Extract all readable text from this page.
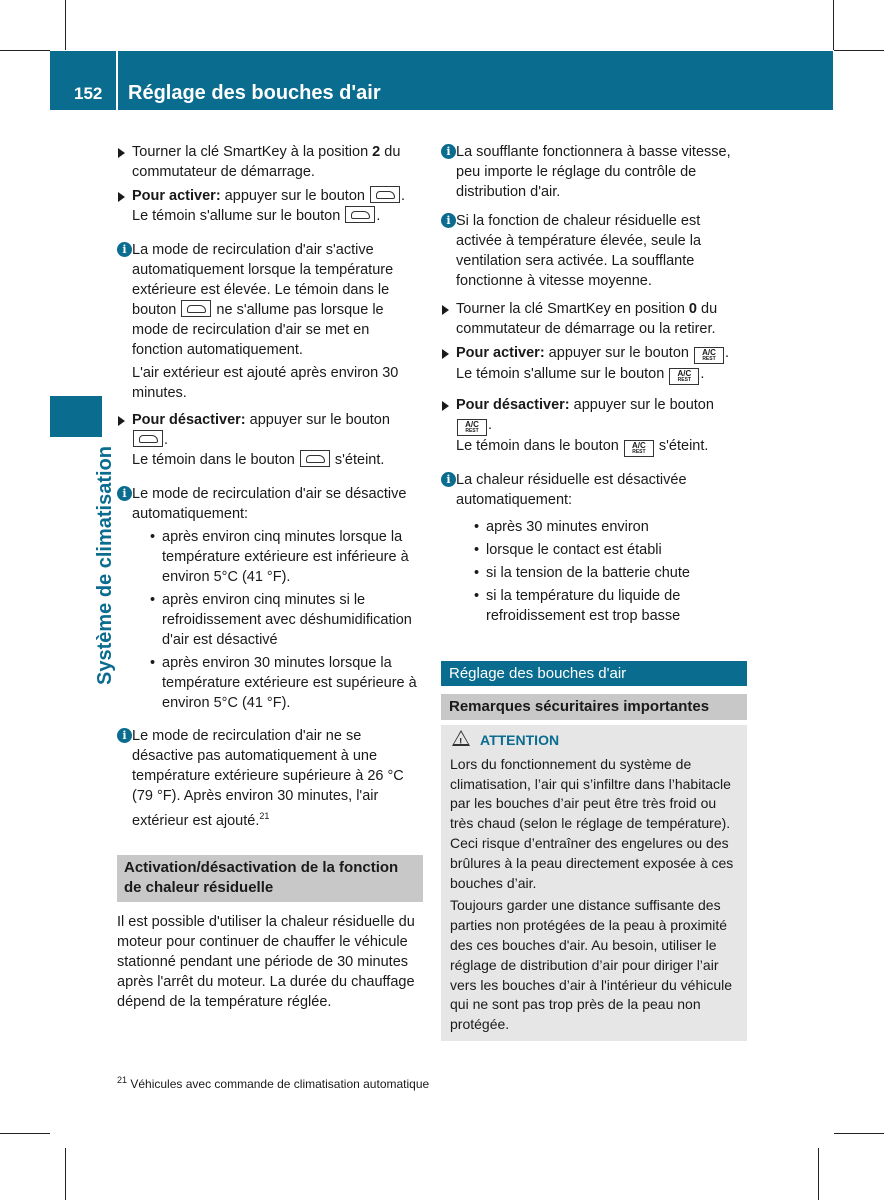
152 Réglage des bouches d'air
Système de climatisation
Tourner la clé SmartKey à la position 2 du commutateur de démarrage.
Pour activer: appuyer sur le bouton .
Le témoin s'allume sur le bouton .
i La mode de recirculation d'air s'active automatiquement lorsque la température extérieure est élevée. Le témoin dans le bouton  ne s'allume pas lorsque le mode de recirculation d'air se met en fonction automatiquement.

L'air extérieur est ajouté après environ 30 minutes.

Pour désactiver: appuyer sur le bouton
.
Le témoin dans le bouton  s'éteint.
i Le mode de recirculation d'air se désactive automatiquement:

• après environ cinq minutes lorsque la température extérieure est inférieure à environ 5°C (41 °F).
• après environ cinq minutes si le refroidissement avec déshumidification d'air est désactivé
• après environ 30 minutes lorsque la température extérieure est supérieure à environ 5°C (41 °F).
i Le mode de recirculation d'air ne se désactive pas automatiquement à une température extérieure supérieure à 26 °C (79 °F). Après environ 30 minutes, l'air extérieur est ajouté.$^{21}$
Activation/désactivation de la fonction de chaleur résiduelle

Il est possible d'utiliser la chaleur résiduelle du moteur pour continuer de chauffer le véhicule stationné pendant une période de 30 minutes après l'arrêt du moteur. La durée du chauffage dépend de la température réglée.

i La soufflante fonctionnera à basse vitesse, peu importe le réglage du contrôle de distribution d'air.
i Si la fonction de chaleur résiduelle est activée à température élevée, seule la ventilation sera activée. La soufflante fonctionne à vitesse moyenne.
Tourner la clé SmartKey en position 0 du commutateur de démarrage ou la retirer.
Pour activer: appuyer sur le bouton	A/C
REST .
Le témoin s'allume sur le bouton	A/C
REST .
Pour désactiver: appuyer sur le bouton

A/C
REST .
Le témoin dans le bouton	A/C
REST s'éteint.
i La chaleur résiduelle est désactivée automatiquement:

• après 30 minutes environ
• lorsque le contact est établi
• si la tension de la batterie chute
• si la température du liquide de refroidissement est trop basse
Réglage des bouches d'air
Remarques sécuritaires importantes
! ATTENTION

Lors du fonctionnement du système de climatisation, l’air qui s’infiltre dans l’habitacle par les bouches d’air peut être très froid ou très chaud (selon le réglage de température). Ceci risque d’entraîner des engelures ou des brûlures à la peau directement exposée à ces bouches d’air.

Toujours garder une distance suffisante des parties non protégées de la peau à proximité des ces bouches d'air. Au besoin, utiliser le réglage de distribution d’air pour diriger l’air vers les bouches d’air à l'intérieur du véhicule qui ne sont pas trop près de la peau non protégée.

$^{21}$ Véhicules avec commande de climatisation automatique
